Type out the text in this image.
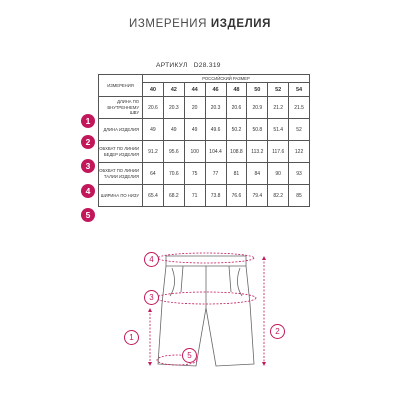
ИЗМЕРЕНИЯ ИЗДЕЛИЯ
АРТИКУЛ D28.319
ИЗМЕРЕНИЯ	РОССИЙСКИЙ РАЗМЕР							
	40	42	44	46	48	50	52	54
ДЛИНА ПО ВНУТРЕННЕМУ ШВУ	20.6	20.3	20	20.3	20.6	20.9	21.2	21.5
ДЛИНА ИЗДЕЛИЯ	49	49	49	49.6	50.2	50.8	51.4	52
ОБХВАТ ПО ЛИНИИ БЕДЕР ИЗДЕЛИЯ	91.2	95.6	100	104.4	108.8	113.2	117.6	122
ОБХВАТ ПО ЛИНИИ ТАЛИИ ИЗДЕЛИЯ	64	70.6	75	77	81	84	90	93
ШИРИНА ПО НИЗУ	65.4	68.2	71	73.8	76.6	79.4	82.2	85
1
2
3
4
5
4
3
1
5
2
